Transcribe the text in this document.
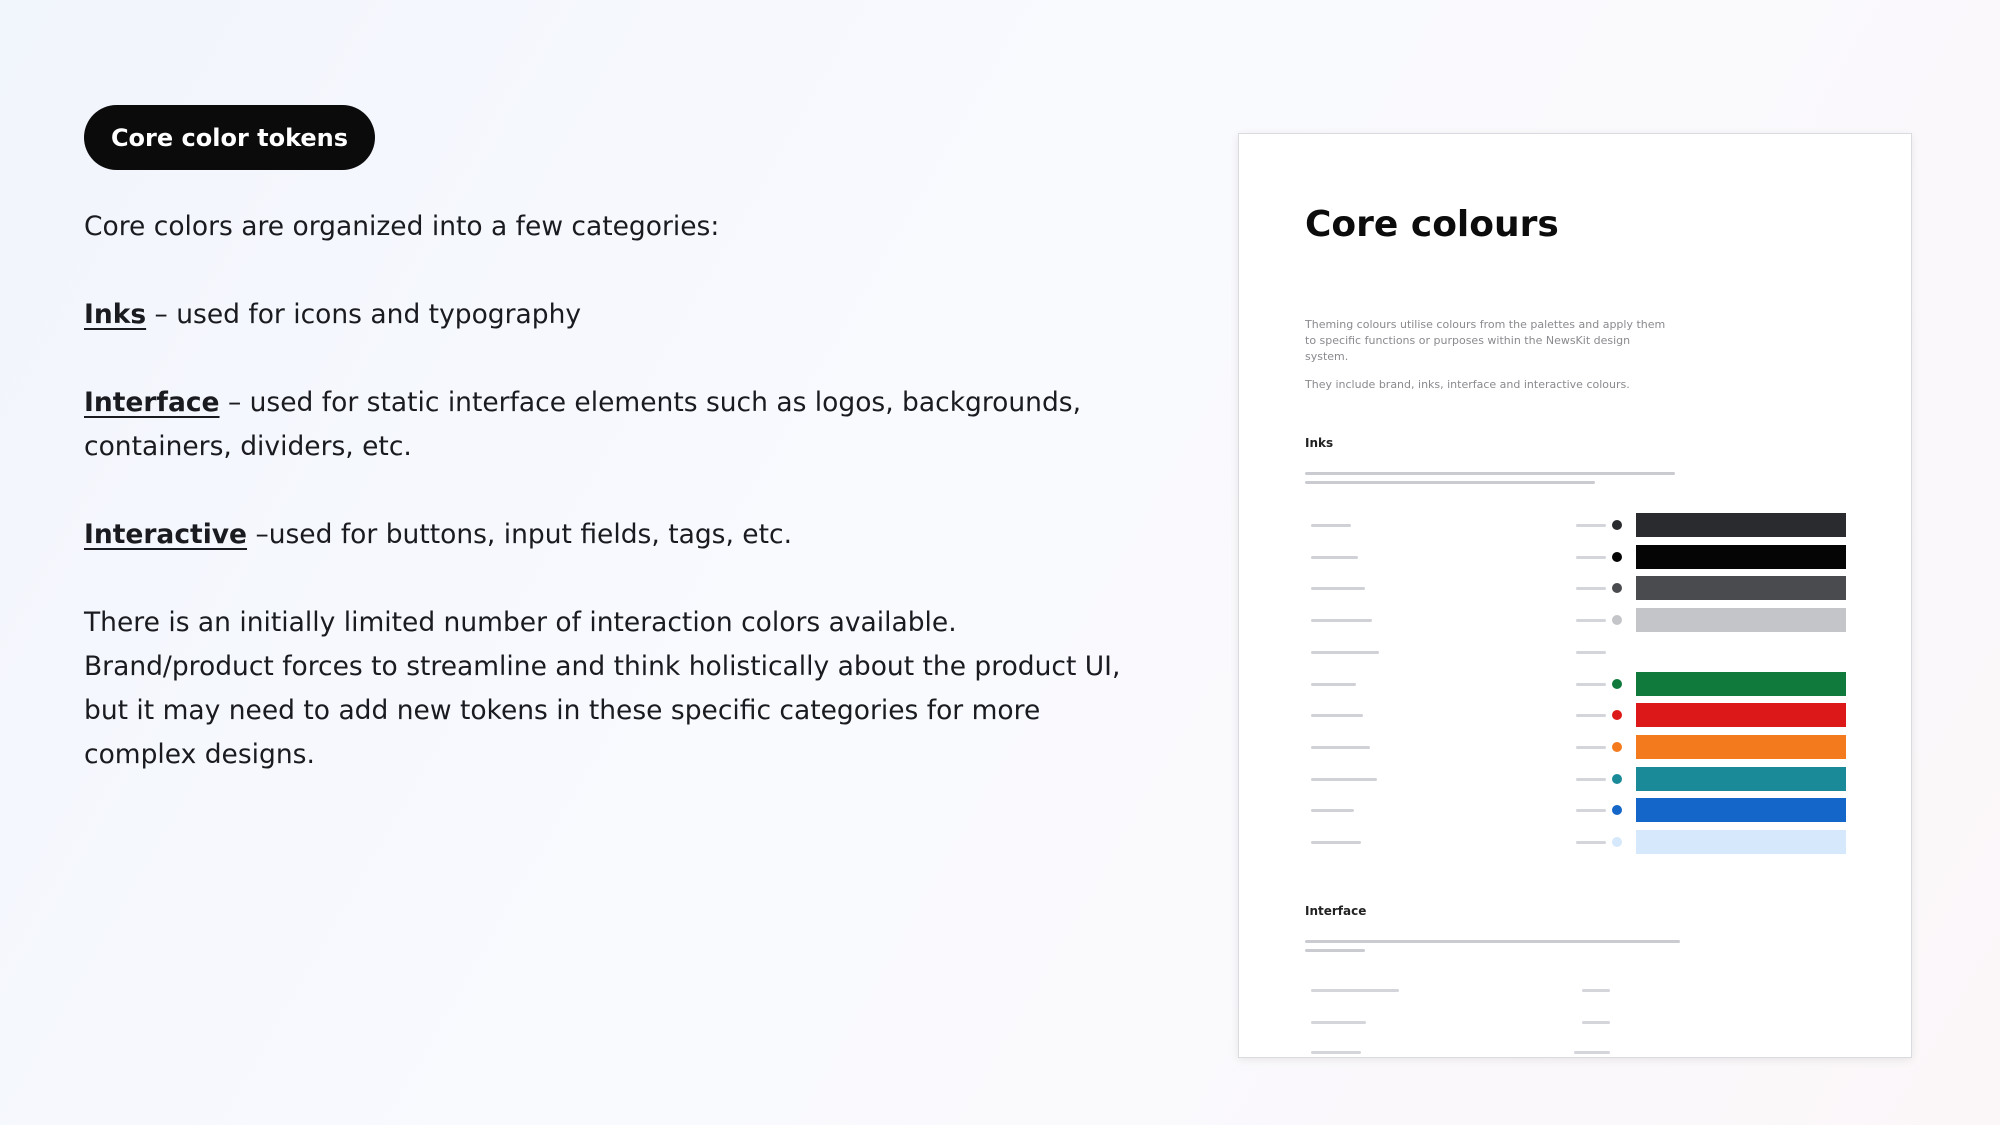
Core color tokens

Core colors are organized into a few categories:

Inks – used for icons and typography

Interface – used for static interface elements such as logos, backgrounds, containers, dividers, etc.

Interactive –used for buttons, input fields, tags, etc.

There is an initially limited number of interaction colors available. Brand/product forces to streamline and think holistically about the product UI, but it may need to add new tokens in these specific categories for more complex designs.

Core colours

Theming colours utilise colours from the palettes and apply them to specific functions or purposes within the NewsKit design system.

They include brand, inks, interface and interactive colours.

Inks
Interface
